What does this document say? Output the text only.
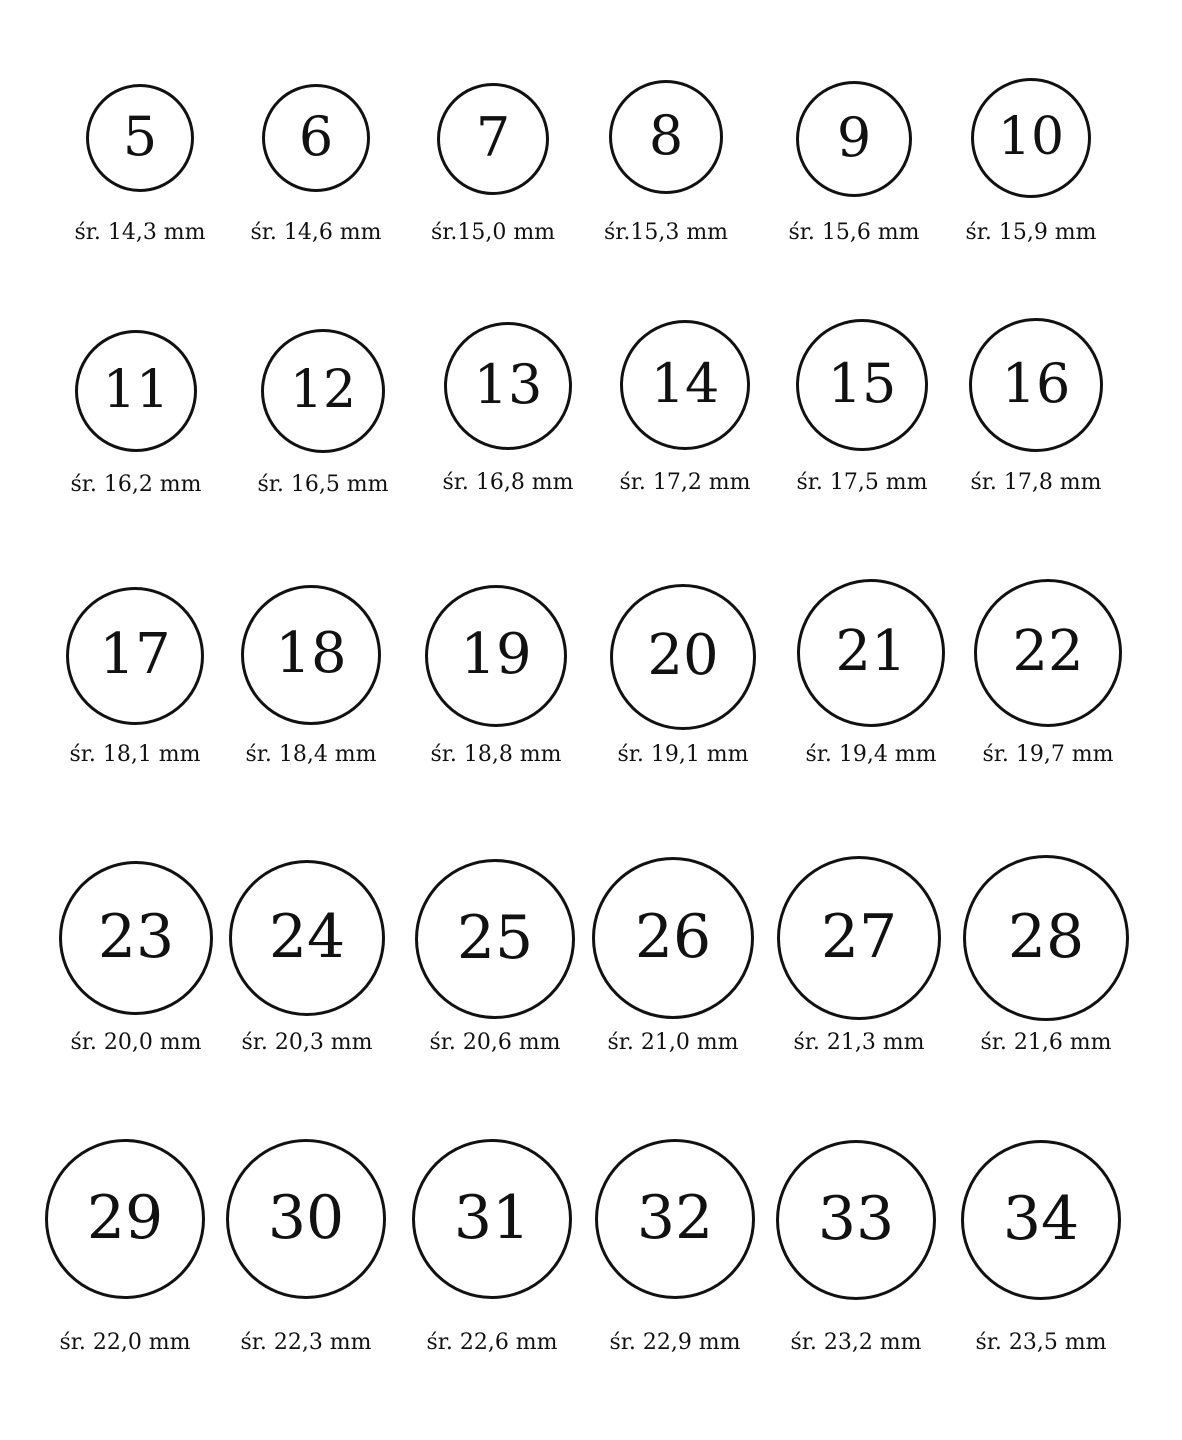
5
śr. 14,3 mm
6
śr. 14,6 mm
7
śr.15,0 mm
8
śr.15,3 mm
9
śr. 15,6 mm
10
śr. 15,9 mm
11
śr. 16,2 mm
12
śr. 16,5 mm
13
śr. 16,8 mm
14
śr. 17,2 mm
15
śr. 17,5 mm
16
śr. 17,8 mm
17
śr. 18,1 mm
18
śr. 18,4 mm
19
śr. 18,8 mm
20
śr. 19,1 mm
21
śr. 19,4 mm
22
śr. 19,7 mm
23
śr. 20,0 mm
24
śr. 20,3 mm
25
śr. 20,6 mm
26
śr. 21,0 mm
27
śr. 21,3 mm
28
śr. 21,6 mm
29
śr. 22,0 mm
30
śr. 22,3 mm
31
śr. 22,6 mm
32
śr. 22,9 mm
33
śr. 23,2 mm
34
śr. 23,5 mm
